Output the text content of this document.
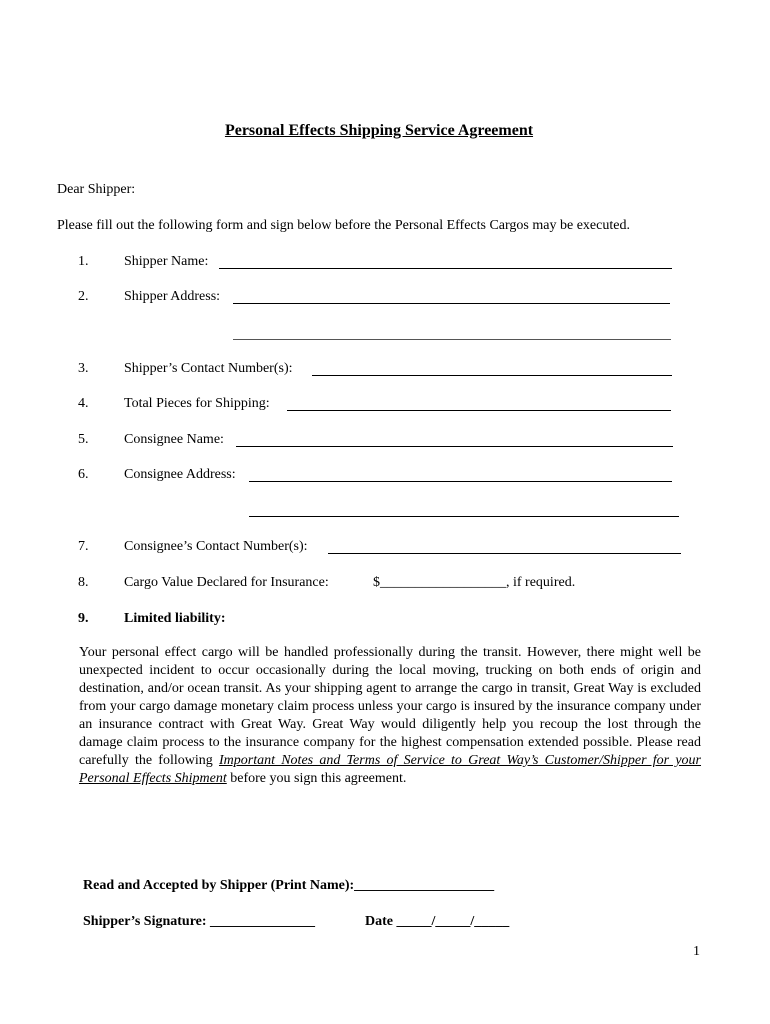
Personal Effects Shipping Service Agreement
Dear Shipper:
Please fill out the following form and sign below before the Personal Effects Cargos may be executed.
1.	Shipper Name:
2.	Shipper Address:
3.	Shipper’s Contact Number(s):
4.	Total Pieces for Shipping:
5.	Consignee Name:
6.	Consignee Address:
7.	Consignee’s Contact Number(s):
8.	Cargo Value Declared for Insurance:	$__________________, if required.
9.	Limited liability:
Your personal effect cargo will be handled professionally during the transit. However, there might well be unexpected incident to occur occasionally during the local moving, trucking on both ends of origin and destination, and/or ocean transit. As your shipping agent to arrange the cargo in transit, Great Way is excluded from your cargo damage monetary claim process unless your cargo is insured by the insurance company under an insurance contract with Great Way. Great Way would diligently help you recoup the lost through the damage claim process to the insurance company for the highest compensation extended possible. Please read carefully the following Important Notes and Terms of Service to Great Way’s Customer/Shipper for your Personal Effects Shipment before you sign this agreement.
Read and Accepted by Shipper (Print Name):____________________
Shipper’s Signature: _______________	Date _____/_____/_____
1
